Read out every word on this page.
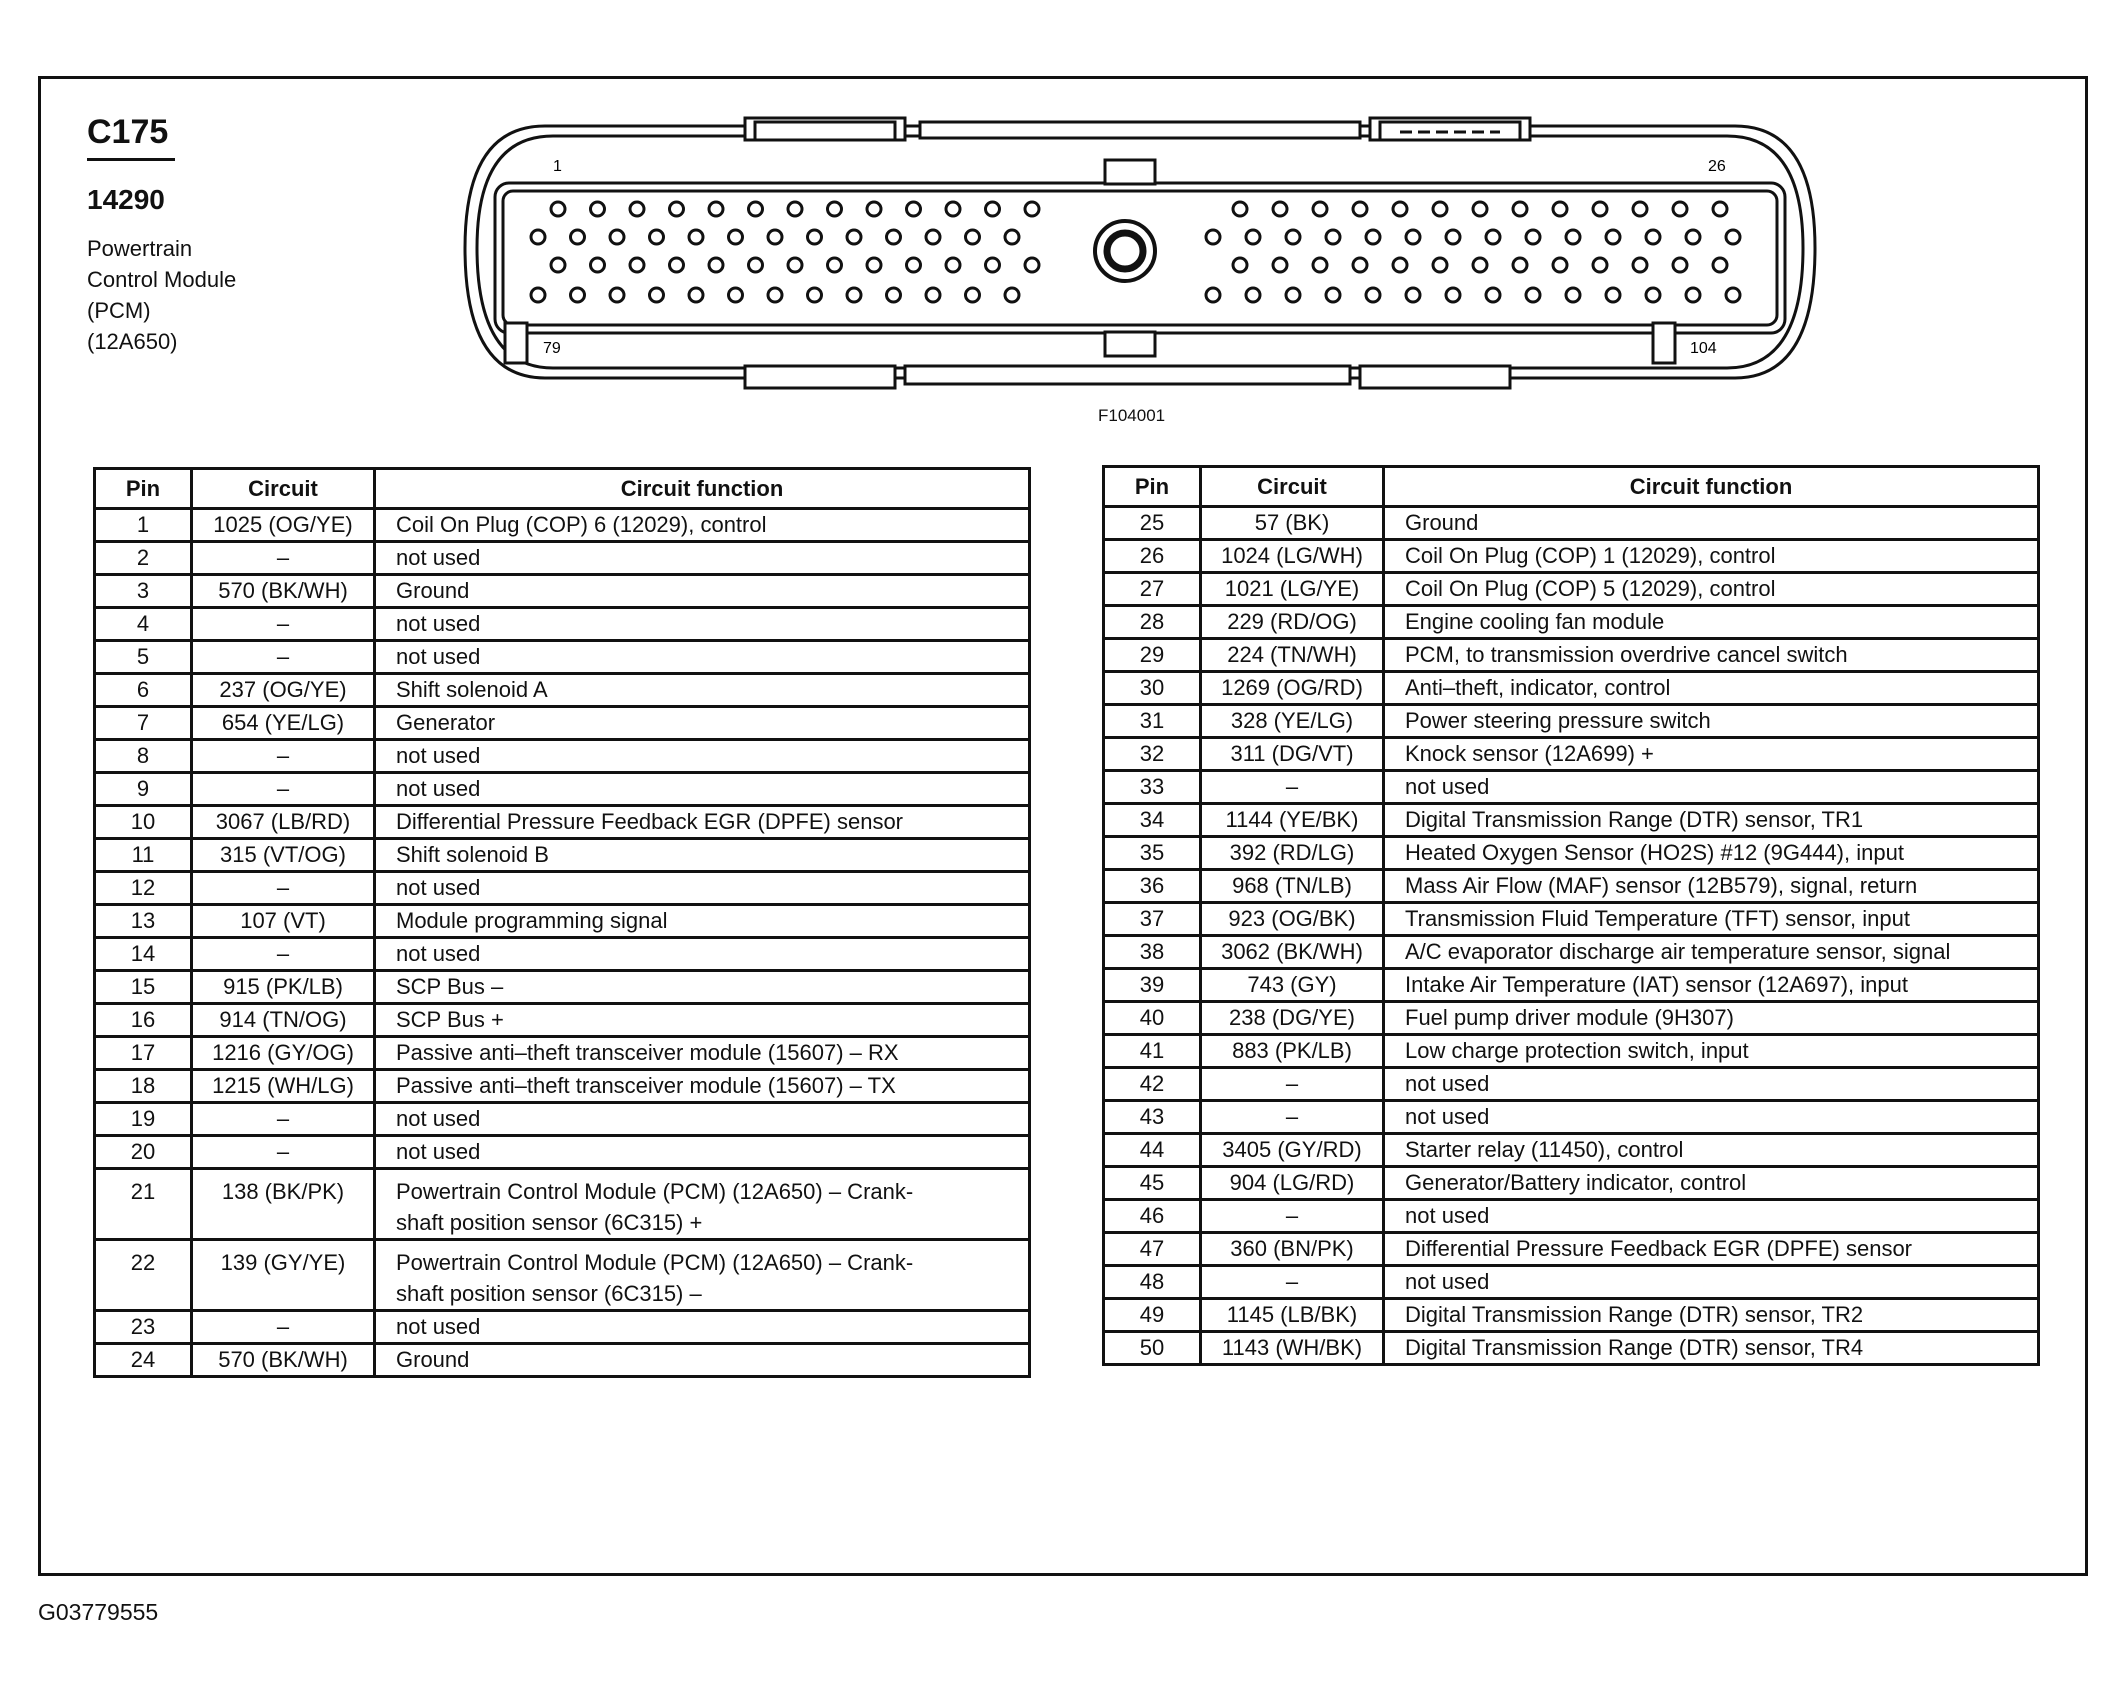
C175
14290
Powertrain
Control Module
(PCM)
(12A650)
1	26
79	104
F104001
Pin	Circuit	Circuit function
1	1025 (OG/YE)	Coil On Plug (COP) 6 (12029), control
2	–	not used
3	570 (BK/WH)	Ground
4	–	not used
5	–	not used
6	237 (OG/YE)	Shift solenoid A
7	654 (YE/LG)	Generator
8	–	not used
9	–	not used
10	3067 (LB/RD)	Differential Pressure Feedback EGR (DPFE) sensor
11	315 (VT/OG)	Shift solenoid B
12	–	not used
13	107 (VT)	Module programming signal
14	–	not used
15	915 (PK/LB)	SCP Bus –
16	914 (TN/OG)	SCP Bus +
17	1216 (GY/OG)	Passive anti–theft transceiver module (15607) – RX
18	1215 (WH/LG)	Passive anti–theft transceiver module (15607) – TX
19	–	not used
20	–	not used
21	138 (BK/PK)	Powertrain Control Module (PCM) (12A650) – Crank-
shaft position sensor (6C315) +

22	139 (GY/YE)	Powertrain Control Module (PCM) (12A650) – Crank-
shaft position sensor (6C315) –

23	–	not used
24	570 (BK/WH)	Ground
Pin	Circuit	Circuit function
25	57 (BK)	Ground
26	1024 (LG/WH)	Coil On Plug (COP) 1 (12029), control
27	1021 (LG/YE)	Coil On Plug (COP) 5 (12029), control
28	229 (RD/OG)	Engine cooling fan module
29	224 (TN/WH)	PCM, to transmission overdrive cancel switch
30	1269 (OG/RD)	Anti–theft, indicator, control
31	328 (YE/LG)	Power steering pressure switch
32	311 (DG/VT)	Knock sensor (12A699) +
33	–	not used
34	1144 (YE/BK)	Digital Transmission Range (DTR) sensor, TR1
35	392 (RD/LG)	Heated Oxygen Sensor (HO2S) #12 (9G444), input
36	968 (TN/LB)	Mass Air Flow (MAF) sensor (12B579), signal, return
37	923 (OG/BK)	Transmission Fluid Temperature (TFT) sensor, input
38	3062 (BK/WH)	A/C evaporator discharge air temperature sensor, signal
39	743 (GY)	Intake Air Temperature (IAT) sensor (12A697), input
40	238 (DG/YE)	Fuel pump driver module (9H307)
41	883 (PK/LB)	Low charge protection switch, input
42	–	not used
43	–	not used
44	3405 (GY/RD)	Starter relay (11450), control
45	904 (LG/RD)	Generator/Battery indicator, control
46	–	not used
47	360 (BN/PK)	Differential Pressure Feedback EGR (DPFE) sensor
48	–	not used
49	1145 (LB/BK)	Digital Transmission Range (DTR) sensor, TR2
50	1143 (WH/BK)	Digital Transmission Range (DTR) sensor, TR4
G03779555
